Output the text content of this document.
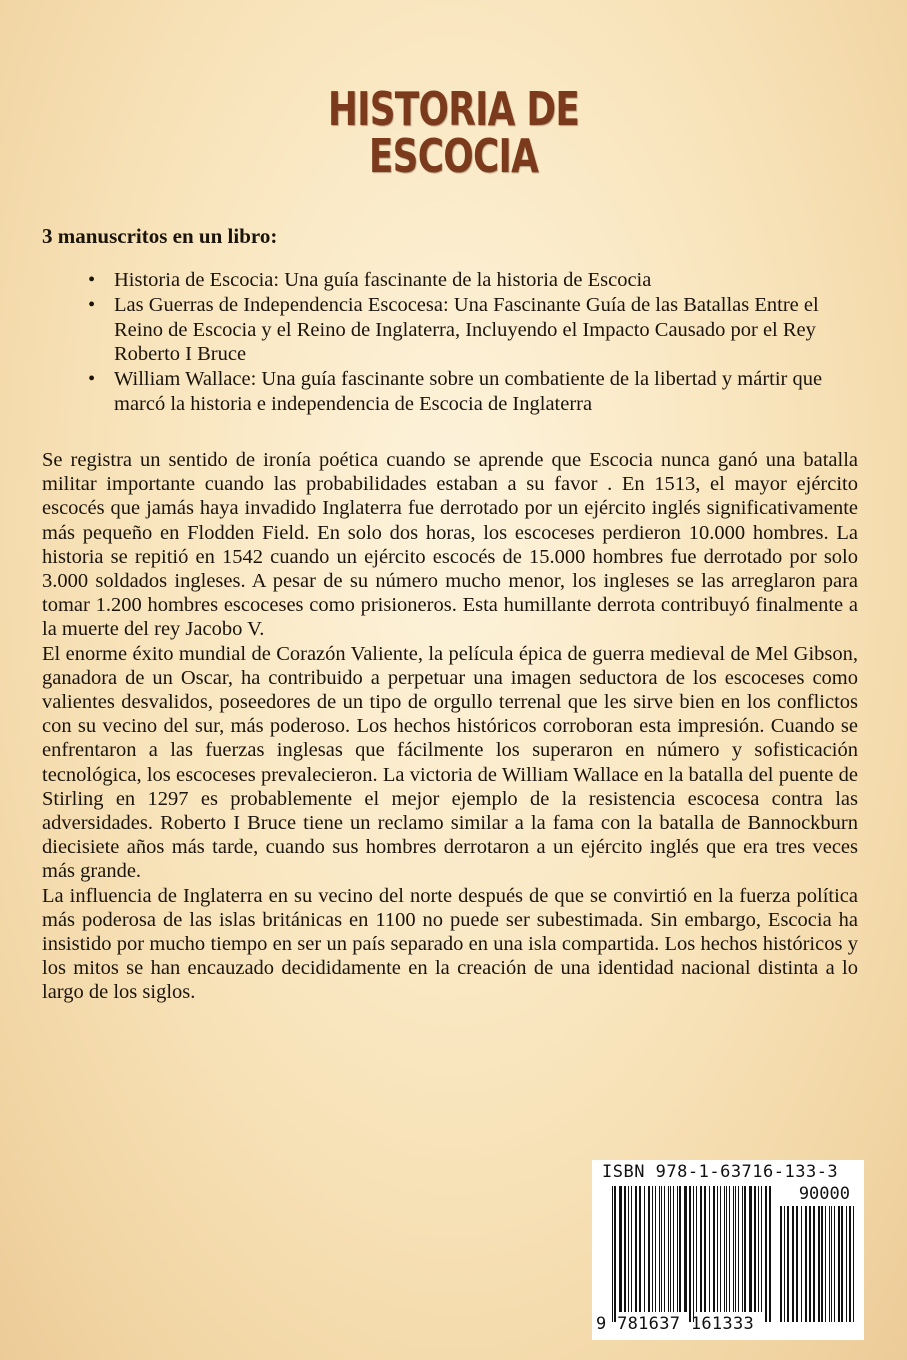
HISTORIA DE
ESCOCIA
3 manuscritos en un libro:
• Historia de Escocia: Una guía fascinante de la historia de Escocia
• Las Guerras de Independencia Escocesa: Una Fascinante Guía de las Batallas Entre el Reino de Escocia y el Reino de Inglaterra, Incluyendo el Impacto Causado por el Rey Roberto I Bruce
• William Wallace: Una guía fascinante sobre un combatiente de la libertad y mártir que marcó la historia e independencia de Escocia de Inglaterra

Se registra un sentido de ironía poética cuando se aprende que Escocia nunca ganó una batalla militar importante cuando las probabilidades estaban a su favor . En 1513, el mayor ejército escocés que jamás haya invadido Inglaterra fue derrotado por un ejército inglés significativamente más pequeño en Flodden Field. En solo dos horas, los escoceses perdieron 10.000 hombres. La historia se repitió en 1542 cuando un ejército escocés de 15.000 hombres fue derrotado por solo 3.000 soldados ingleses. A pesar de su número mucho menor, los ingleses se las arreglaron para tomar 1.200 hombres escoceses como prisioneros. Esta humillante derrota contribuyó finalmente a la muerte del rey Jacobo V.

El enorme éxito mundial de Corazón Valiente, la película épica de guerra medieval de Mel Gibson, ganadora de un Oscar, ha contribuido a perpetuar una imagen seductora de los escoceses como valientes desvalidos, poseedores de un tipo de orgullo terrenal que les sirve bien en los conflictos con su vecino del sur, más poderoso. Los hechos históricos corroboran esta impresión. Cuando se enfrentaron a las fuerzas inglesas que fácilmente los superaron en número y sofisticación tecnológica, los escoceses prevalecieron. La victoria de William Wallace en la batalla del puente de Stirling en 1297 es probablemente el mejor ejemplo de la resistencia escocesa contra las adversidades. Roberto I Bruce tiene un reclamo similar a la fama con la batalla de Bannockburn diecisiete años más tarde, cuando sus hombres derrotaron a un ejército inglés que era tres veces más grande.

La influencia de Inglaterra en su vecino del norte después de que se convirtió en la fuerza política más poderosa de las islas británicas en 1100 no puede ser subestimada. Sin embargo, Escocia ha insistido por mucho tiempo en ser un país separado en una isla compartida. Los hechos históricos y los mitos se han encauzado decididamente en la creación de una identidad nacional distinta a lo largo de los siglos.

ISBN 978-1-63716-133-3
90000
9 781637 161333
